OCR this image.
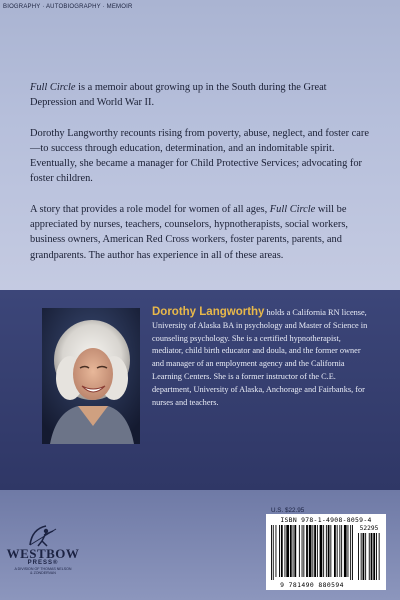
BIOGRAPHY · AUTOBIOGRAPHY · MEMOIR

Full Circle is a memoir about growing up in the South during the Great Depression and World War II.

Dorothy Langworthy recounts rising from poverty, abuse, neglect, and foster care—to success through education, determination, and an indomitable spirit. Eventually, she became a manager for Child Protective Services; advocating for foster children.

A story that provides a role model for women of all ages, Full Circle will be appreciated by nurses, teachers, counselors, hypnotherapists, social workers, business owners, American Red Cross workers, foster parents, parents, and grandparents. The author has experience in all of these areas.

Dorothy Langworthy holds a California RN license, University of Alaska BA in psychology and Master of Science in counseling psychology. She is a certified hypnotherapist, mediator, child birth educator and doula, and the former owner and manager of an employment agency and the California Learning Centers. She is a former instructor of the C.E. department, University of Alaska, Anchorage and Fairbanks, for nurses and teachers.
WESTBOW
PRESS®
A DIVISION OF THOMAS NELSON
& ZONDERVAN
U.S. $22.95
ISBN 978-1-4908-8059-4
9 781490 880594
52295
